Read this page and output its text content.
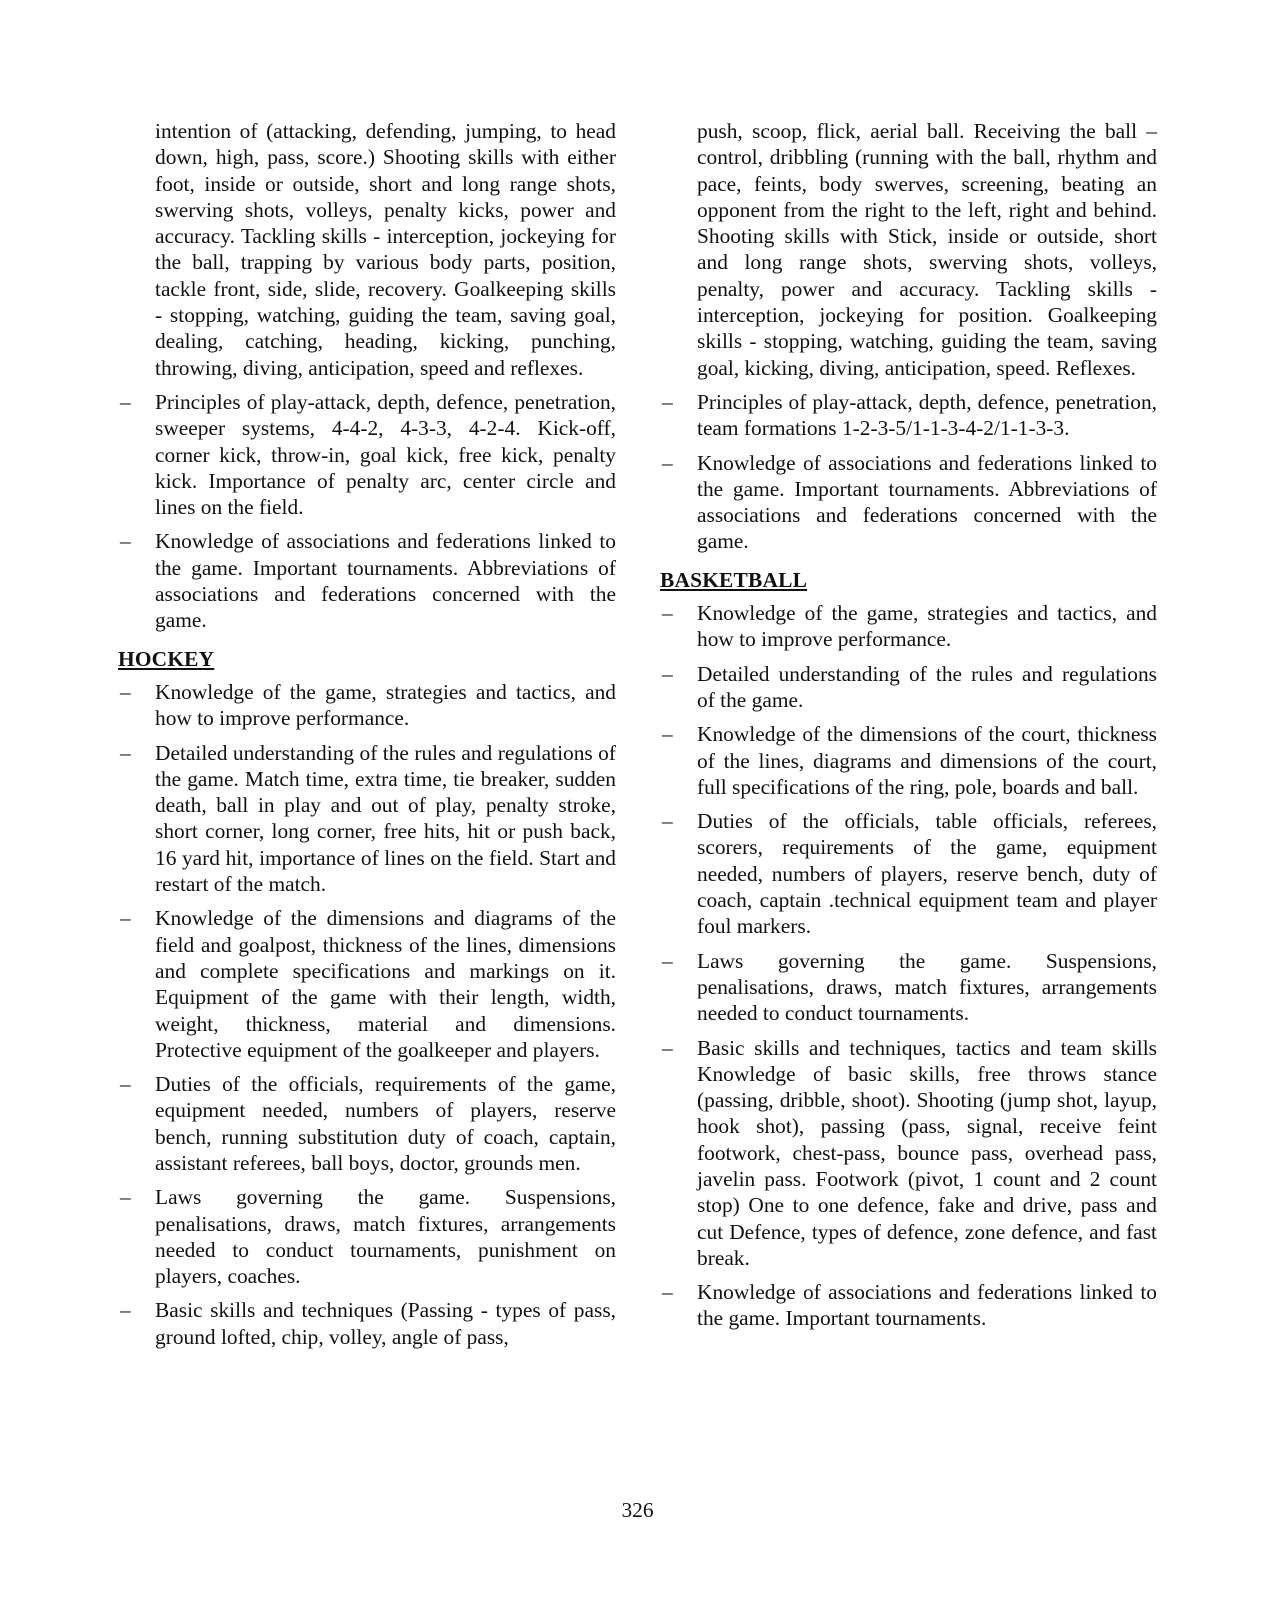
intention of (attacking, defending, jumping, to head down, high, pass, score.) Shooting skills with either foot, inside or outside, short and long range shots, swerving shots, volleys, penalty kicks, power and accuracy. Tackling skills - interception, jockeying for the ball, trapping by various body parts, position, tackle front, side, slide, recovery. Goalkeeping skills - stopping, watching, guiding the team, saving goal, dealing, catching, heading, kicking, punching, throwing, diving, anticipation, speed and reflexes.

– Principles of play-attack, depth, defence, penetration, sweeper systems, 4-4-2, 4-3-3, 4-2-4. Kick-off, corner kick, throw-in, goal kick, free kick, penalty kick. Importance of penalty arc, center circle and lines on the field.
– Knowledge of associations and federations linked to the game. Important tournaments. Abbreviations of associations and federations concerned with the game.
HOCKEY
– Knowledge of the game, strategies and tactics, and how to improve performance.
– Detailed understanding of the rules and regulations of the game. Match time, extra time, tie breaker, sudden death, ball in play and out of play, penalty stroke, short corner, long corner, free hits, hit or push back, 16 yard hit, importance of lines on the field. Start and restart of the match.
– Knowledge of the dimensions and diagrams of the field and goalpost, thickness of the lines, dimensions and complete specifications and markings on it. Equipment of the game with their length, width, weight, thickness, material and dimensions. Protective equipment of the goalkeeper and players.
– Duties of the officials, requirements of the game, equipment needed, numbers of players, reserve bench, running substitution duty of coach, captain, assistant referees, ball boys, doctor, grounds men.
– Laws governing the game. Suspensions, penalisations, draws, match fixtures, arrangements needed to conduct tournaments, punishment on players, coaches.
– Basic skills and techniques (Passing - types of pass, ground lofted, chip, volley, angle of pass,

push, scoop, flick, aerial ball. Receiving the ball – control, dribbling (running with the ball, rhythm and pace, feints, body swerves, screening, beating an opponent from the right to the left, right and behind. Shooting skills with Stick, inside or outside, short and long range shots, swerving shots, volleys, penalty, power and accuracy. Tackling skills - interception, jockeying for position. Goalkeeping skills - stopping, watching, guiding the team, saving goal, kicking, diving, anticipation, speed. Reflexes.

– Principles of play-attack, depth, defence, penetration, team formations 1-2-3-5/1-1-3-4-2/1-1-3-3.
– Knowledge of associations and federations linked to the game. Important tournaments. Abbreviations of associations and federations concerned with the game.
BASKETBALL
– Knowledge of the game, strategies and tactics, and how to improve performance.
– Detailed understanding of the rules and regulations of the game.
– Knowledge of the dimensions of the court, thickness of the lines, diagrams and dimensions of the court, full specifications of the ring, pole, boards and ball.
– Duties of the officials, table officials, referees, scorers, requirements of the game, equipment needed, numbers of players, reserve bench, duty of coach, captain .technical equipment team and player foul markers.
– Laws governing the game. Suspensions, penalisations, draws, match fixtures, arrangements needed to conduct tournaments.
– Basic skills and techniques, tactics and team skills Knowledge of basic skills, free throws stance (passing, dribble, shoot). Shooting (jump shot, layup, hook shot), passing (pass, signal, receive feint footwork, chest-pass, bounce pass, overhead pass, javelin pass. Footwork (pivot, 1 count and 2 count stop) One to one defence, fake and drive, pass and cut Defence, types of defence, zone defence, and fast break.
– Knowledge of associations and federations linked to the game. Important tournaments.
326
